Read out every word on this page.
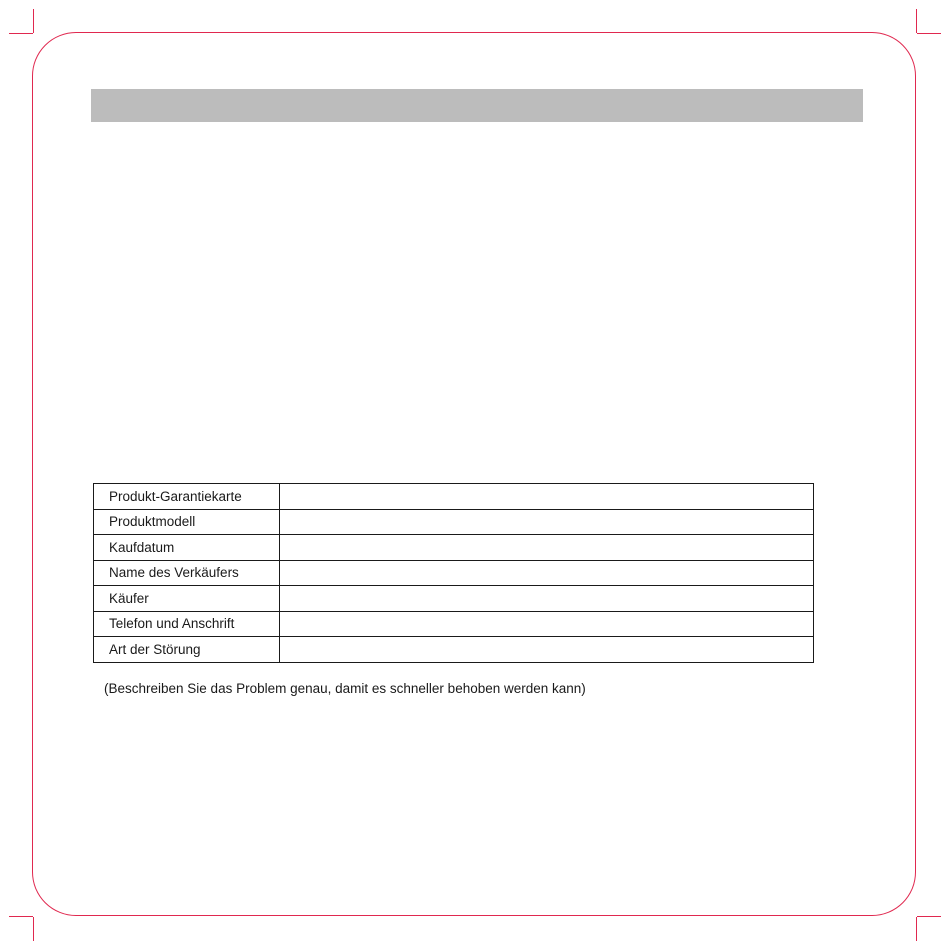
Produkt-Garantiekarte	
Produktmodell	
Kaufdatum	
Name des Verkäufers	
Käufer	
Telefon und Anschrift	
Art der Störung	
(Beschreiben Sie das Problem genau, damit es schneller behoben werden kann)
